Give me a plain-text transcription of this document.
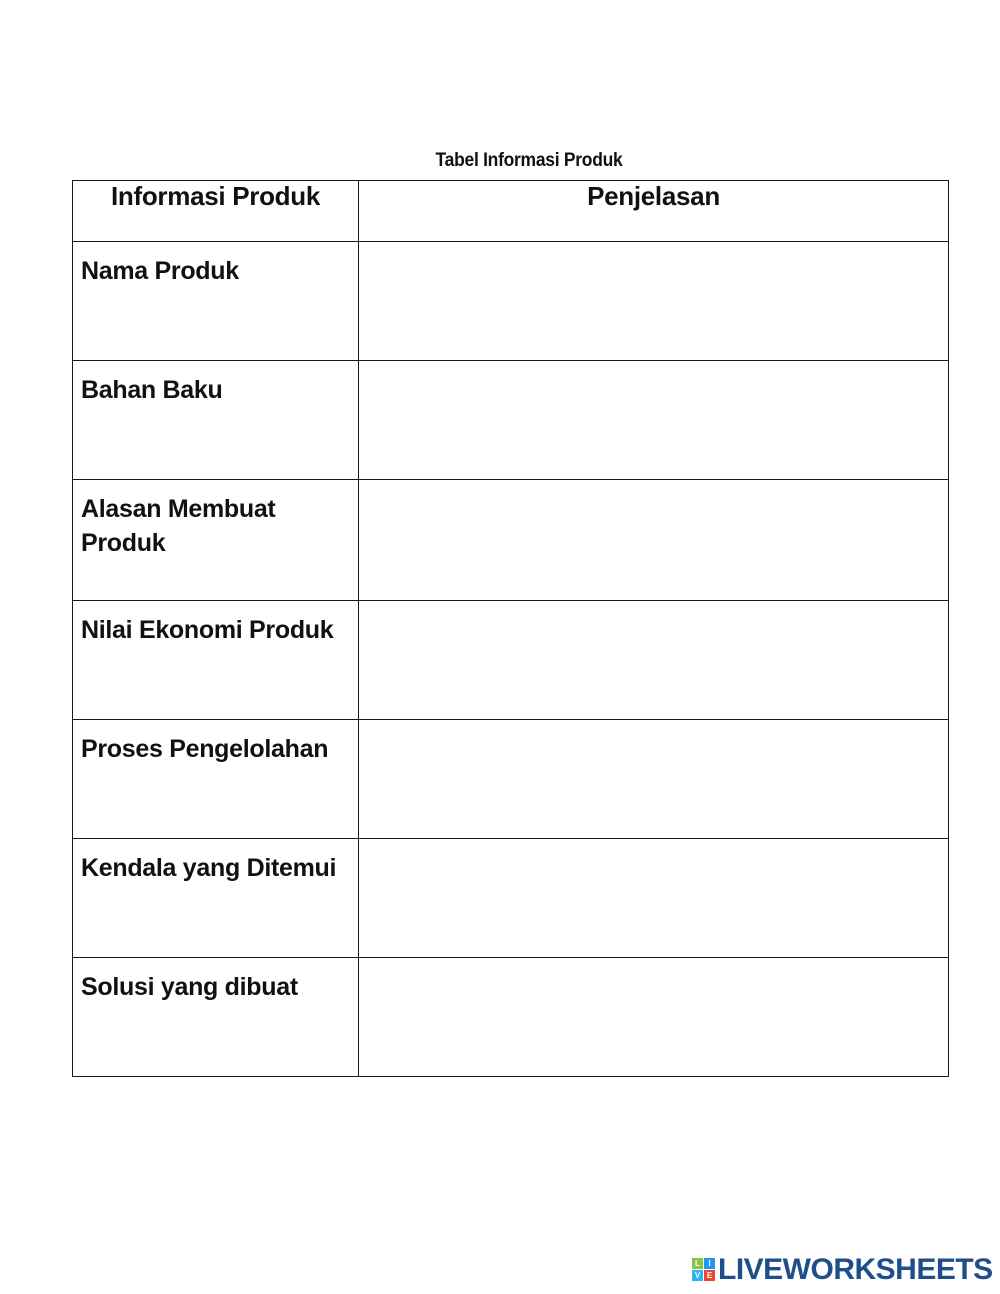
Tabel Informasi Produk
Informasi Produk	Penjelasan
Nama Produk	
Bahan Baku	
Alasan Membuat Produk	
Nilai Ekonomi Produk	
Proses Pengelolahan	
Kendala yang Ditemui	
Solusi yang dibuat	
L	I
V E LIVEWORKSHEETS
